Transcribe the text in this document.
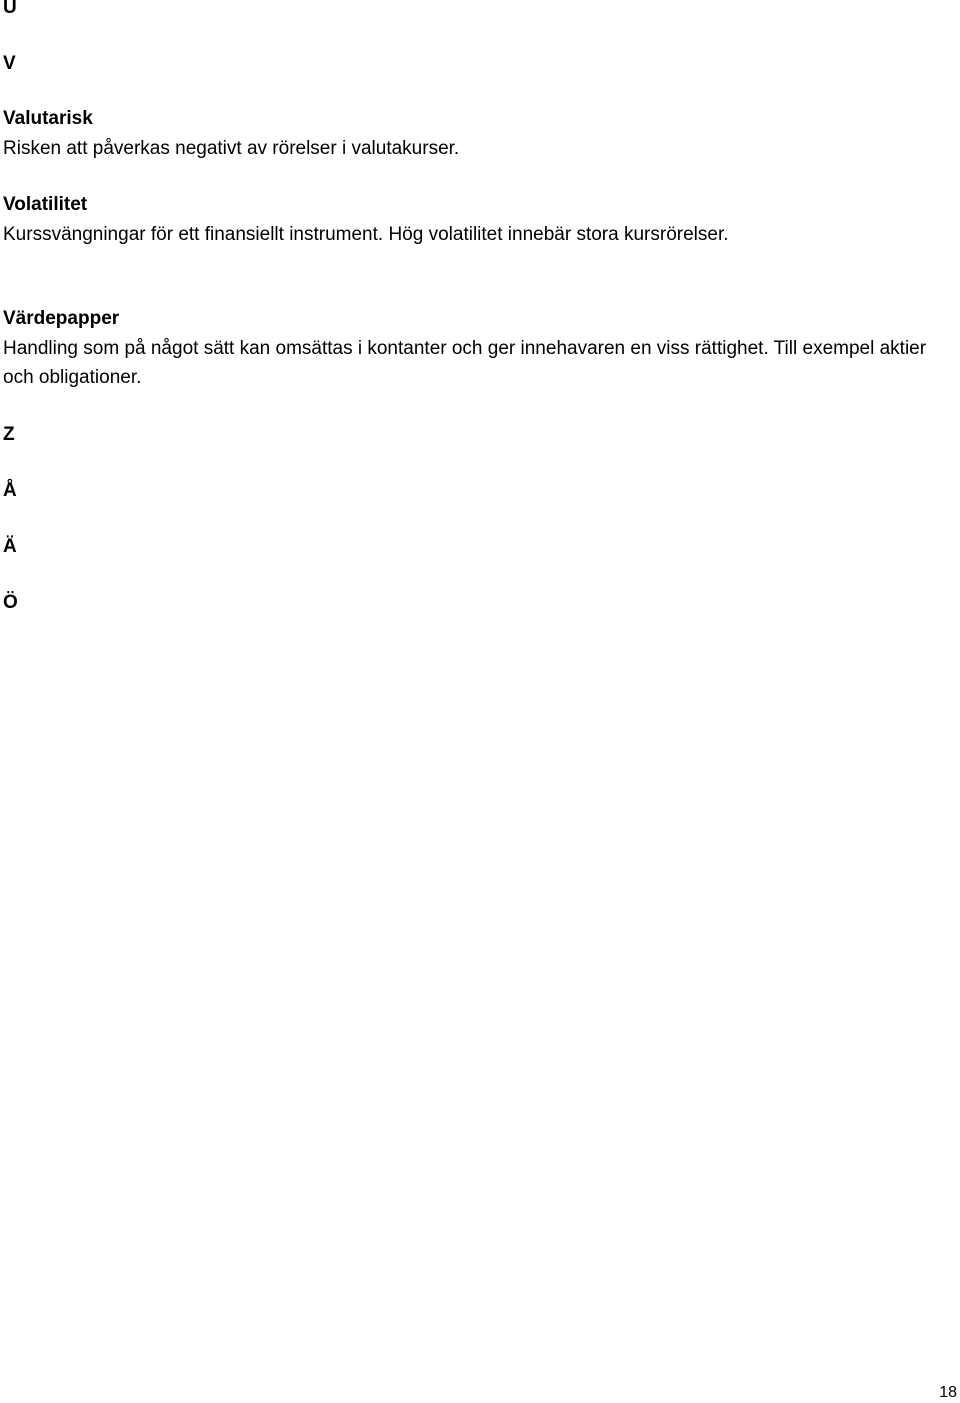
U
V
Valutarisk
Risken att påverkas negativt av rörelser i valutakurser.
Volatilitet
Kurssvängningar för ett finansiellt instrument. Hög volatilitet innebär stora kursrörelser.
Värdepapper
Handling som på något sätt kan omsättas i kontanter och ger innehavaren en viss rättighet. Till exempel aktier och obligationer.
Z
Å
Ä
Ö
18
